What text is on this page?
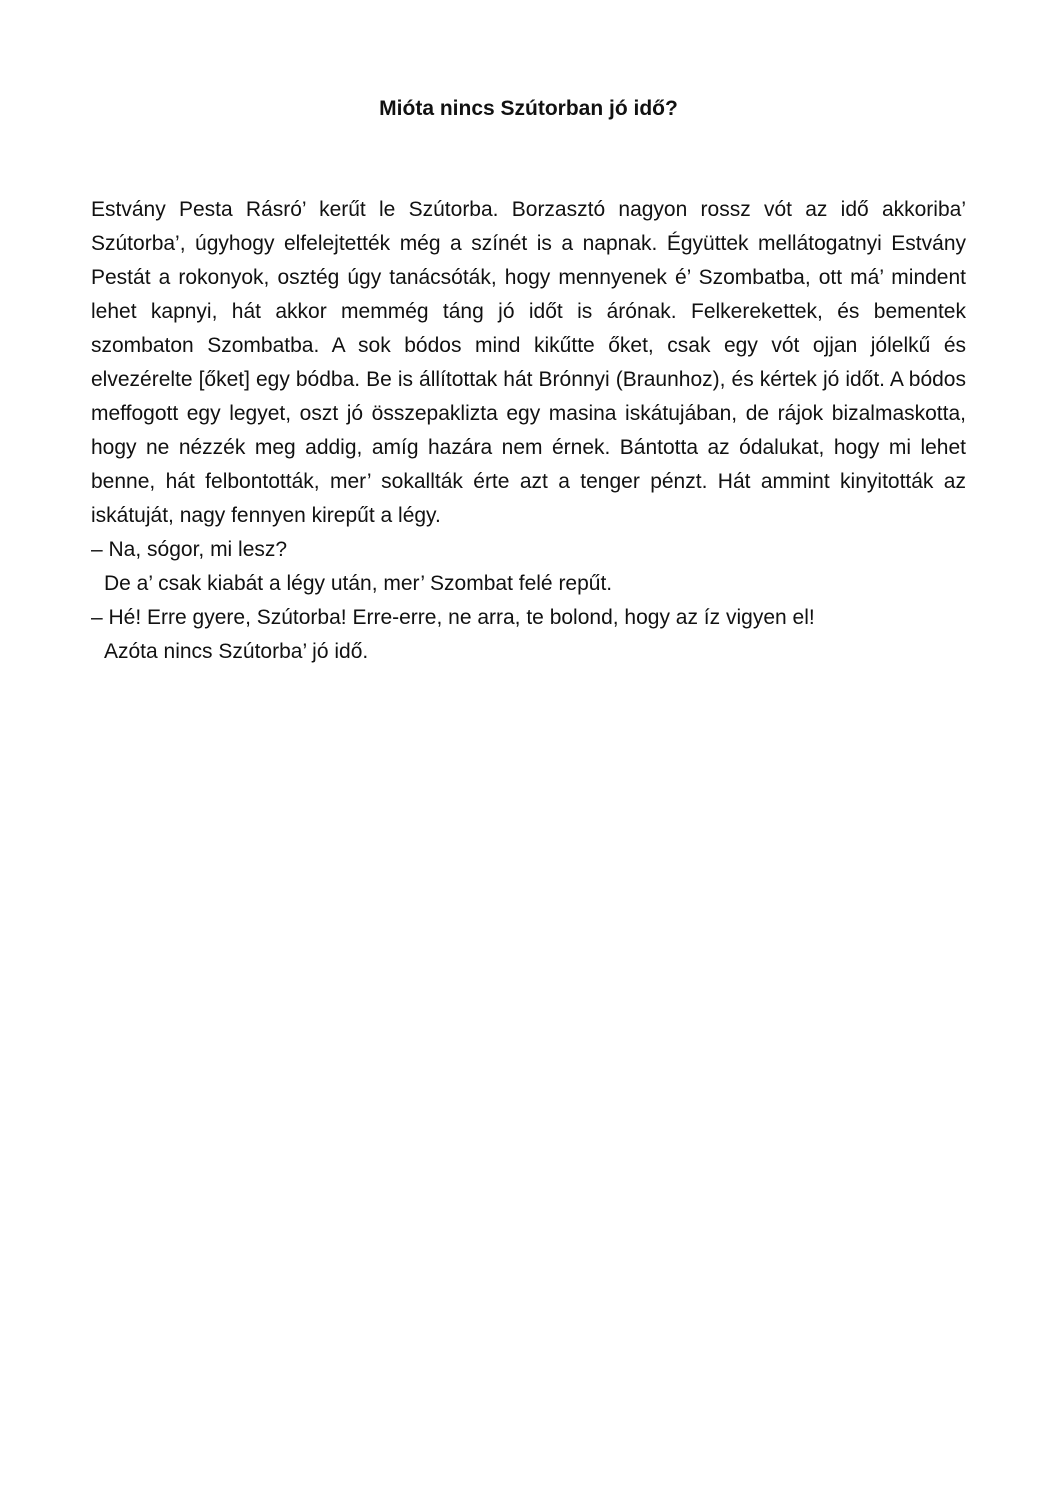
Mióta nincs Szútorban jó idő?

Estvány Pesta Rásró’ kerűt le Szútorba. Borzasztó nagyon rossz vót az idő akkoriba’ Szútorba’, úgyhogy elfelejtették még a színét is a napnak. Égyüttek mellátogatnyi Estvány Pestát a rokonyok, osztég úgy tanácsóták, hogy mennyenek é’ Szombatba, ott má’ mindent lehet kapnyi, hát akkor memmég táng jó időt is árónak. Felkerekettek, és bementek szombaton Szombatba. A sok bódos mind kikűtte őket, csak egy vót ojjan jólelkű és elvezérelte [őket] egy bódba. Be is állítottak hát Brónnyi (Braunhoz), és kértek jó időt. A bódos meffogott egy legyet, oszt jó összepaklizta egy masina iskátujában, de rájok bizalmaskotta, hogy ne nézzék meg addig, amíg hazára nem érnek. Bántotta az ódalukat, hogy mi lehet benne, hát felbontották, mer’ sokallták érte azt a tenger pénzt. Hát ammint kinyitották az iskátuját, nagy fennyen kirepűt a légy.

– Na, sógor, mi lesz?

De a’ csak kiabát a légy után, mer’ Szombat felé repűt.

– Hé! Erre gyere, Szútorba! Erre-erre, ne arra, te bolond, hogy az íz vigyen el!

Azóta nincs Szútorba’ jó idő.
